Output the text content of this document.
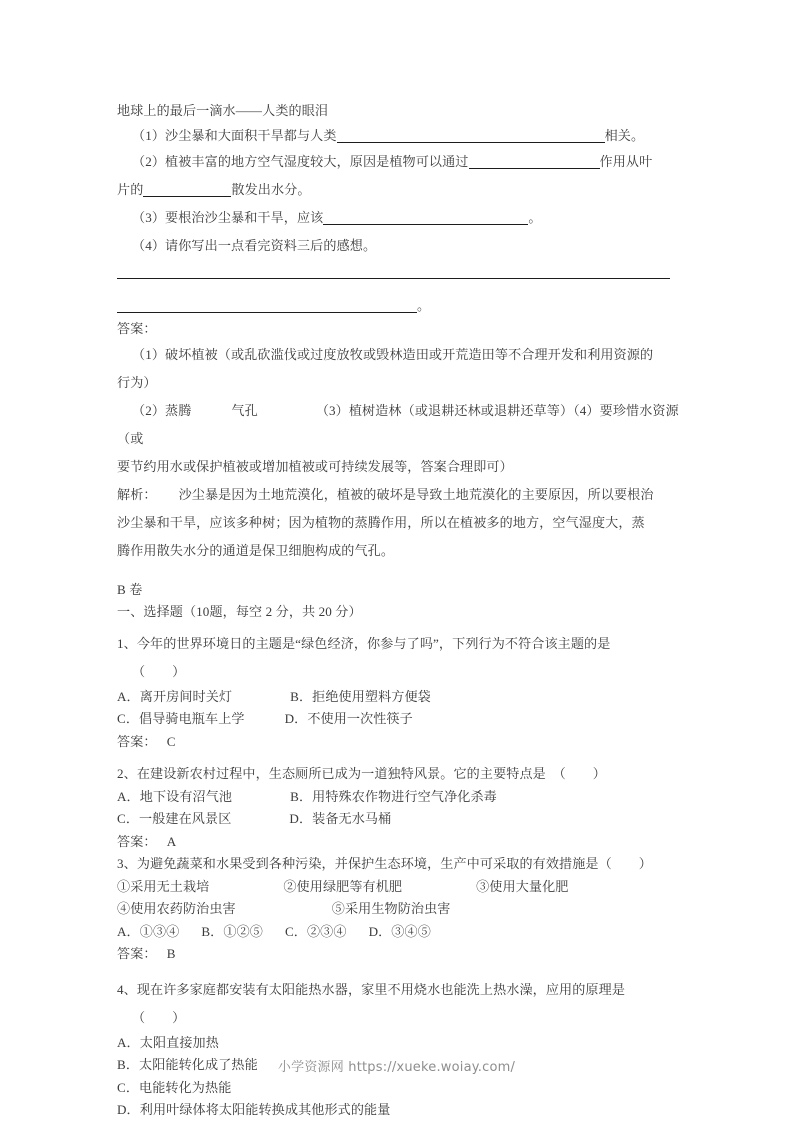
地球上的最后一滴水——人类的眼泪
（1）沙尘暴和大面积干旱都与人类	相关。
（2）植被丰富的地方空气湿度较大，原因是植物可以通过	作用从叶
片的	散发出水分。
（3）要根治沙尘暴和干旱，应该	。
（4）请你写出一点看完资料三后的感想。
。
答案：
（1）破坏植被（或乱砍滥伐或过度放牧或毁林造田或开荒造田等不合理开发和利用资源的
行为）
（2）蒸腾	气孔	（3）植树造林（或退耕还林或退耕还草等）（4）要珍惜水资源（或
要节约用水或保护植被或增加植被或可持续发展等，答案合理即可）
解析： 沙尘暴是因为土地荒漠化，植被的破坏是导致土地荒漠化的主要原因，所以要根治
沙尘暴和干旱，应该多种树；因为植物的蒸腾作用，所以在植被多的地方，空气湿度大，蒸
腾作用散失水分的通道是保卫细胞构成的气孔。
B 卷
一、选择题（10题，每空 2 分，共 20 分）
1、今年的世界环境日的主题是“绿色经济，你参与了吗”，下列行为不符合该主题的是
（        ）
A．离开房间时关灯	B．拒绝使用塑料方便袋
C．倡导骑电瓶车上学	D．不使用一次性筷子
答案：   C
2、在建设新农村过程中，生态厕所已成为一道独特风景。它的主要特点是  （        ）
A．地下设有沼气池	B．用特殊农作物进行空气净化杀毒
C．一般建在风景区	D．装备无水马桶
答案：   A
3、为避免蔬菜和水果受到各种污染，并保护生态环境，生产中可采取的有效措施是（        ）
①采用无土栽培	②使用绿肥等有机肥	③使用大量化肥
④使用农药防治虫害	⑤采用生物防治虫害
A．①③④ B．①②⑤ C．②③④ D．③④⑤
答案：   B
4、现在许多家庭都安装有太阳能热水器，家里不用烧水也能洗上热水澡，应用的原理是
（        ）
A．太阳直接加热
B．太阳能转化成了热能
C．电能转化为热能
D．利用叶绿体将太阳能转换成其他形式的能量
小学资源网 https://xueke.woiay.com/
